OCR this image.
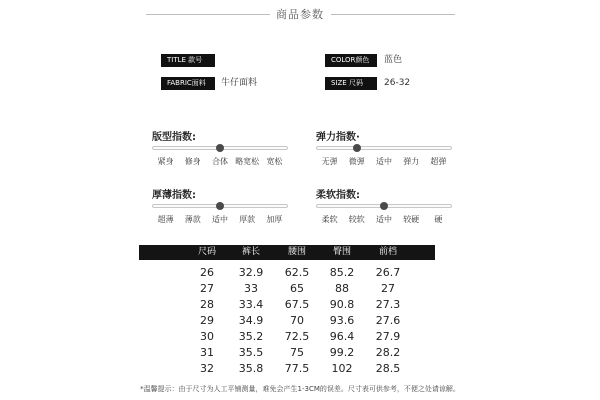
商品参数
TITLE 款号	COLOR颜色	蓝色
FABRIC面料	牛仔面料	SIZE 尺码	26-32
版型指数:
紧身 修身 合体 略宽松 宽松
弹力指数·
无弹 微弹 适中 弹力 超弹
厚薄指数:
超薄 薄款 适中 厚款 加厚
柔软指数:
柔软 较软 适中 较硬 硬
尺码	裤长	腰围	臀围	前档
26 32.9 62.5 85.2 26.7
27	33	65	88	27
28 33.4 67.5 90.8 27.3
29 34.9 70 93.6 27.6
30 35.2 72.5 96.4 27.9
31 35.5 75 99.2 28.2
32 35.8 77.5 102 28.5
*温馨提示：由于尺寸为人工平铺测量，难免会产生1-3CM的误差。尺寸表可供参考，不便之处请谅解。
